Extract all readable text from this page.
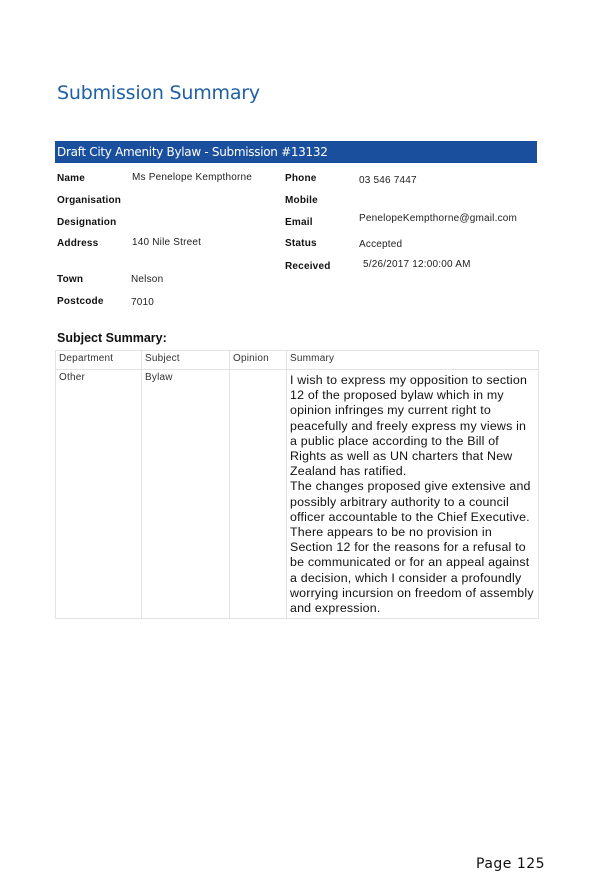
Submission Summary
Draft City Amenity Bylaw - Submission #13132
Name	Ms Penelope Kempthorne
Organisation
Designation
Address	140 Nile Street
Town	Nelson
Postcode	7010
Phone	03 546 7447
Mobile
Email	PenelopeKempthorne@gmail.com
Status	Accepted
Received	5/26/2017 12:00:00 AM
Subject Summary:
Department	Subject	Opinion	Summary
Other	Bylaw		I wish to express my opposition to section 12 of the proposed bylaw which in my opinion infringes my current right to peacefully and freely express my views in a public place according to the Bill of Rights as well as UN charters that New Zealand has ratified.
The changes proposed give extensive and possibly arbitrary authority to a council officer accountable to the Chief Executive. There appears to be no provision in Section 12 for the reasons for a refusal to be communicated or for an appeal against a decision, which I consider a profoundly worrying incursion on freedom of assembly and expression.
Page 125
